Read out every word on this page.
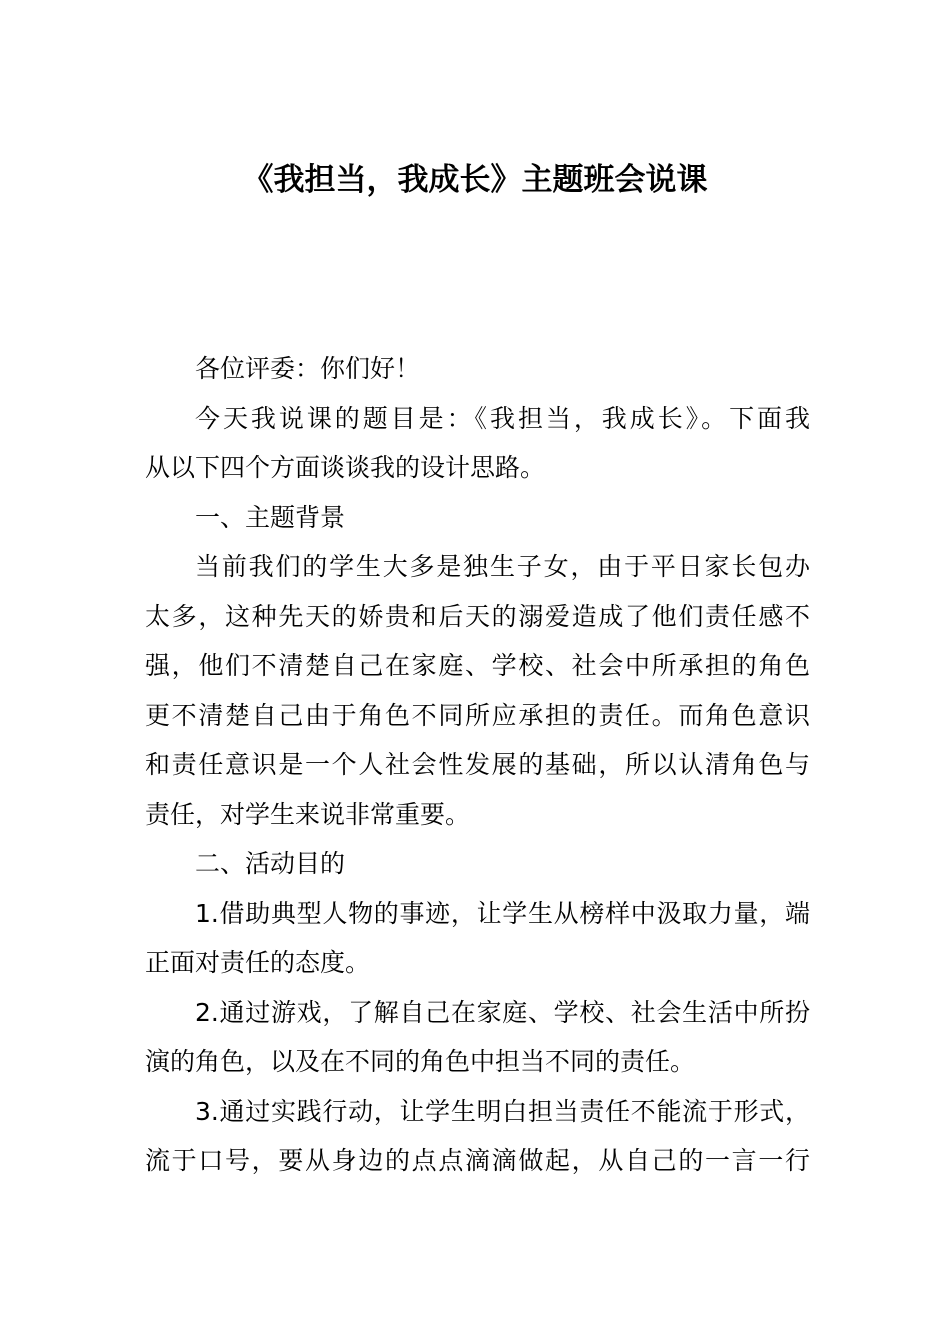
《我担当，我成长》主题班会说课
各位评委：你们好！
今天我说课的题目是：《我担当，我成长》。下面我
从以下四个方面谈谈我的设计思路。
一、主题背景
当前我们的学生大多是独生子女，由于平日家长包办
太多，这种先天的娇贵和后天的溺爱造成了他们责任感不
强，他们不清楚自己在家庭、学校、社会中所承担的角色
更不清楚自己由于角色不同所应承担的责任。而角色意识
和责任意识是一个人社会性发展的基础，所以认清角色与
责任，对学生来说非常重要。
二、活动目的
1.借助典型人物的事迹，让学生从榜样中汲取力量，端
正面对责任的态度。
2.通过游戏，了解自己在家庭、学校、社会生活中所扮
演的角色，以及在不同的角色中担当不同的责任。
3.通过实践行动，让学生明白担当责任不能流于形式，
流于口号，要从身边的点点滴滴做起，从自己的一言一行
